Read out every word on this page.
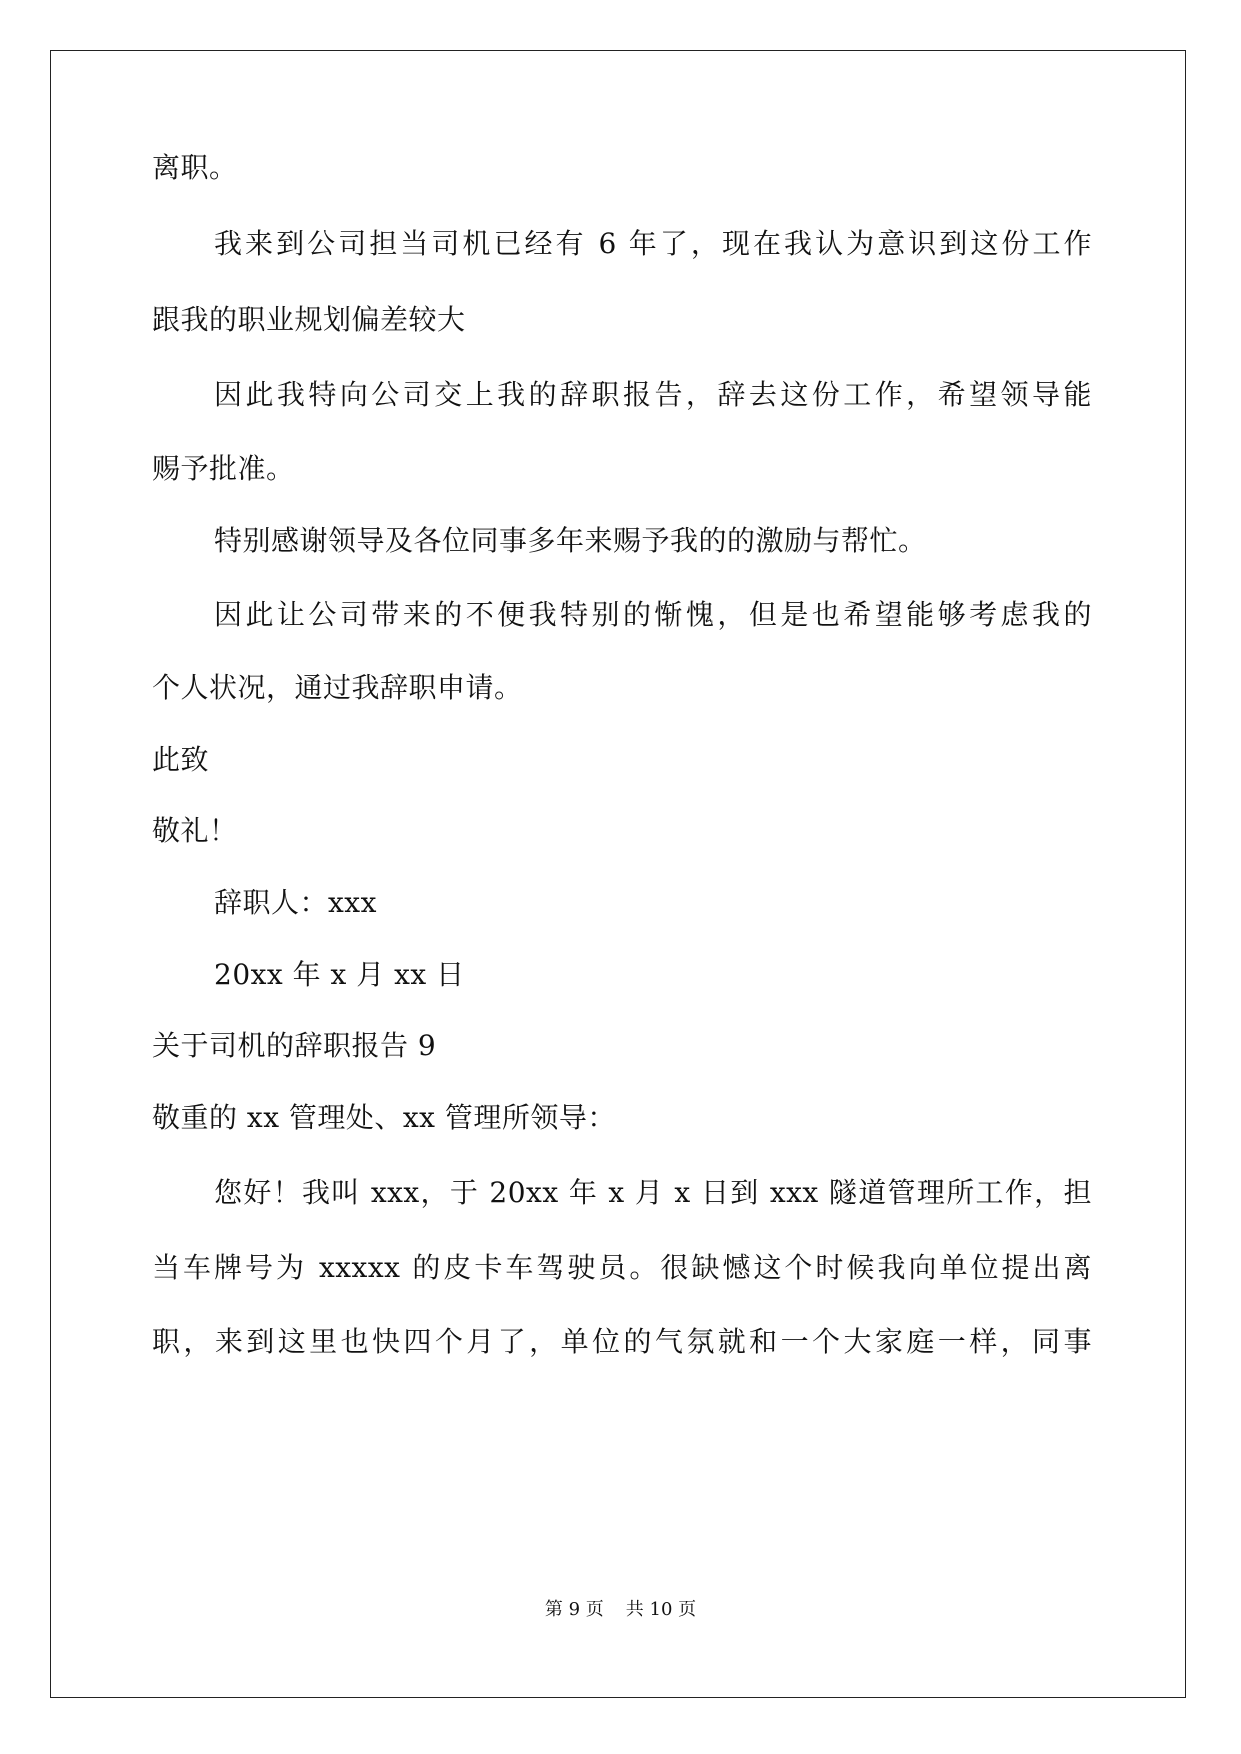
离职。
我来到公司担当司机已经有 6 年了，现在我认为意识到这份工作
跟我的职业规划偏差较大
因此我特向公司交上我的辞职报告，辞去这份工作，希望领导能
赐予批准。
特别感谢领导及各位同事多年来赐予我的的激励与帮忙。
因此让公司带来的不便我特别的惭愧，但是也希望能够考虑我的
个人状况，通过我辞职申请。
此致
敬礼！
辞职人：xxx
20xx 年 x 月 xx 日
关于司机的辞职报告 9
敬重的 xx 管理处、xx 管理所领导：
您好！我叫 xxx，于 20xx 年 x 月 x 日到 xxx 隧道管理所工作，担
当车牌号为 xxxxx 的皮卡车驾驶员。很缺憾这个时候我向单位提出离
职，来到这里也快四个月了，单位的气氛就和一个大家庭一样，同事
第 9 页 共 10 页
